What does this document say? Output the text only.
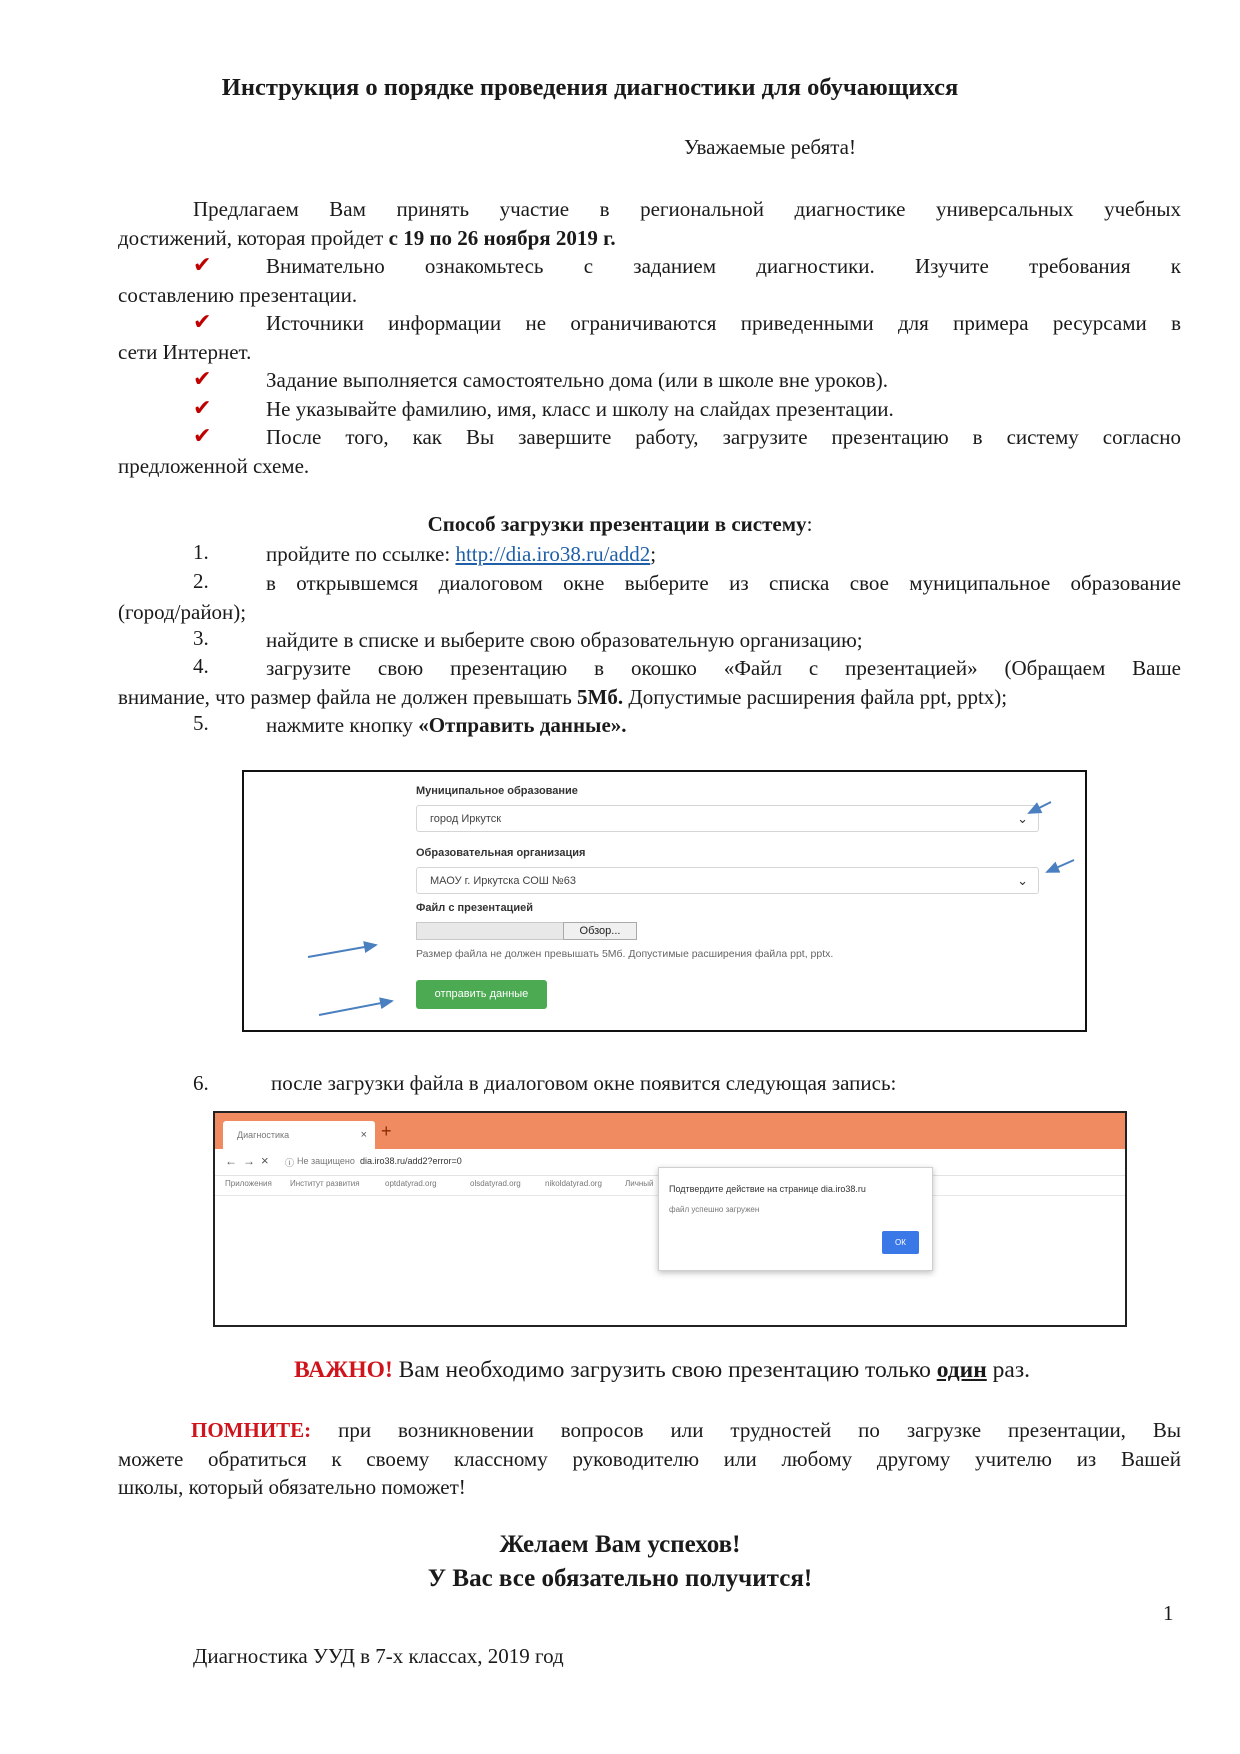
Инструкция о порядке проведения диагностики для обучающихся
Уважаемые ребята!
Предлагаем Вам принять участие в региональной диагностике универсальных учебных
достижений, которая пройдет с 19 по 26 ноября 2019 г.
✔	Внимательно ознакомьтесь с заданием диагностики. Изучите требования к
составлению презентации.
✔	Источники информации не ограничиваются приведенными для примера ресурсами в
сети Интернет.
✔	Задание выполняется самостоятельно дома (или в школе вне уроков).
✔	Не указывайте фамилию, имя, класс и школу на слайдах презентации.
✔	После того, как Вы завершите работу, загрузите презентацию в систему согласно
предложенной схеме.
Способ загрузки презентации в систему:
1.	пройдите по ссылке: http://dia.iro38.ru/add2;
2.	в открывшемся диалоговом окне выберите из списка свое муниципальное образование
(город/район);
3.	найдите в списке и выберите свою образовательную организацию;
4.	загрузите свою презентацию в окошко «Файл с презентацией» (Обращаем Ваше
внимание, что размер файла не должен превышать 5Мб. Допустимые расширения файла ppt, pptx);
5.	нажмите кнопку «Отправить данные».
Муниципальное образование
город Иркутск	⌄
Образовательная организация
МАОУ г. Иркутска СОШ №63	⌄
Файл с презентацией
Обзор...
Размер файла не должен превышать 5Мб. Допустимые расширения файла ppt, pptx.
отправить данные
6.	после загрузки файла в диалоговом окне появится следующая запись:
Диагностика	× +
← → × ⓘ Не защищено dia.iro38.ru/add2?error=0
Приложения Институт развития	optdatyrad.org	olsdatyrad.org	nikoldatyrad.org	Личный
Подтвердите действие на странице dia.iro38.ru
файл успешно загружен
ОК
ВАЖНО! Вам необходимо загрузить свою презентацию только один раз.
ПОМНИТЕ: при возникновении вопросов или трудностей по загрузке презентации, Вы
можете обратиться к своему классному руководителю или любому другому учителю из Вашей
школы, который обязательно поможет!
Желаем Вам успехов!
У Вас все обязательно получится!
1
Диагностика УУД в 7-х классах, 2019 год
